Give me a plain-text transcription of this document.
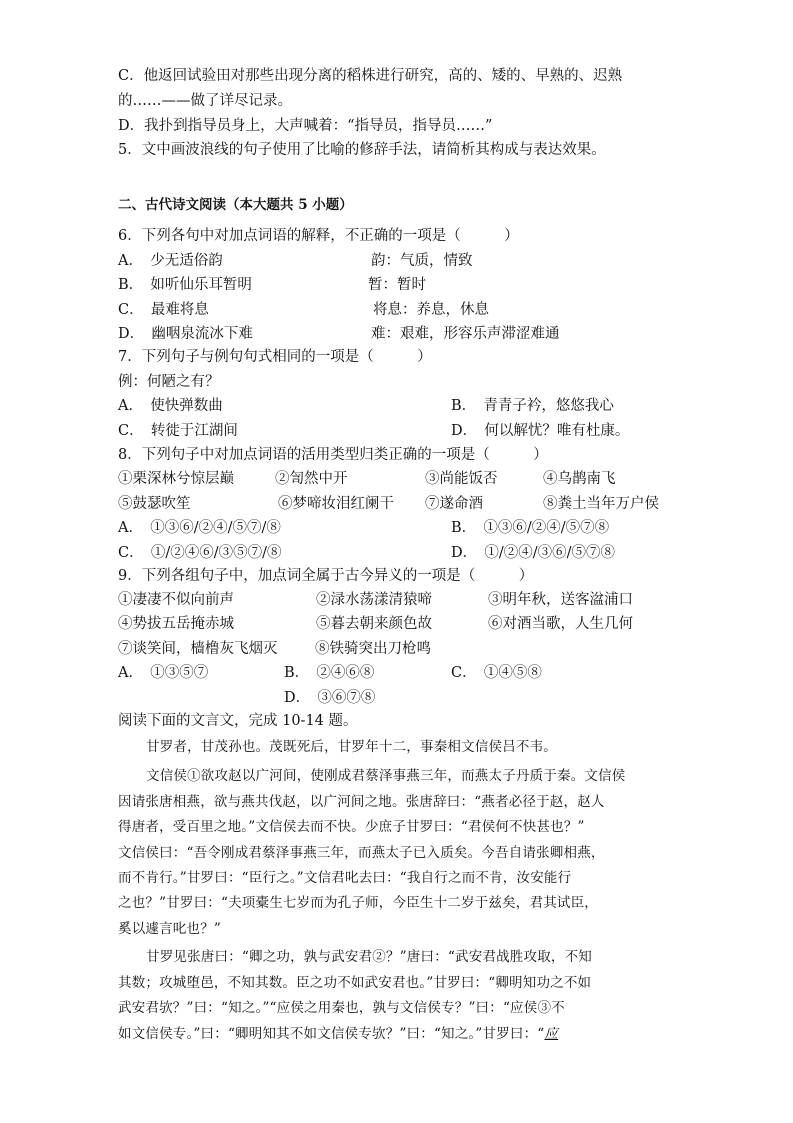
C．他返回试验田对那些出现分离的稻株进行研究，高的、矮的、早熟的、迟熟
的……——做了详尽记录。
D．我扑到指导员身上，大声喊着：“指导员，指导员……”
5．文中画波浪线的句子使用了比喻的修辞手法，请简析其构成与表达效果。
二、古代诗文阅读（本大题共 5 小题）
6．下列各句中对加点词语的解释，不正确的一项是（　　　）
A．　少无适俗韵	韵：气质，情致
B．　如听仙乐耳暂明	暂：暂时
C．　最难将息	将息：养息，休息
D．　幽咽泉流冰下难	难：艰难，形容乐声滞涩难通
7．下列句子与例句句式相同的一项是（　　　）
例：何陋之有？
A．　使快弹数曲	B．　青青子衿，悠悠我心
C．　转徙于江湖间	D．　何以解忧？唯有杜康。
8．下列句子中对加点词语的活用类型归类正确的一项是（　　　）
①栗深林兮惊层巅	②訇然中开	③尚能饭否	④乌鹊南飞
⑤鼓瑟吹笙	⑥梦啼妆泪红阑干 ⑦遂命酒	⑧粪土当年万户侯
A．　①③⑥/②④/⑤⑦/⑧	B．　①③⑥/②④/⑤⑦⑧
C．　①/②④⑥/③⑤⑦/⑧	D．　①/②④/③⑥/⑤⑦⑧
9．下列各组句子中，加点词全属于古今异义的一项是（　　　）
①凄凄不似向前声	②渌水荡漾清猿啼	③明年秋，送客湓浦口
④势拔五岳掩赤城	⑤暮去朝来颜色故	⑥对酒当歌，人生几何
⑦谈笑间，樯橹灰飞烟灭	⑧铁骑突出刀枪鸣
A．　①③⑤⑦	B．　②④⑥⑧	C．　①④⑤⑧
D．　③⑥⑦⑧
阅读下面的文言文，完成 10-14 题。
甘罗者，甘茂孙也。茂既死后，甘罗年十二，事秦相文信侯吕不韦。
文信侯①欲攻赵以广河间，使刚成君蔡泽事燕三年，而燕太子丹质于秦。文信侯
因请张唐相燕，欲与燕共伐赵，以广河间之地。张唐辞曰：“燕者必径于赵，赵人
得唐者，受百里之地。”文信侯去而不快。少庶子甘罗曰：“君侯何不快甚也？”
文信侯曰：“吾令刚成君蔡泽事燕三年，而燕太子已入质矣。今吾自请张卿相燕，
而不肯行。”甘罗曰：“臣行之。”文信君叱去曰：“我自行之而不肯，汝安能行
之也？”甘罗曰：“夫项橐生七岁而为孔子师，今臣生十二岁于兹矣，君其试臣，
奚以遽言叱也？”
甘罗见张唐曰：“卿之功，孰与武安君②？”唐曰：“武安君战胜攻取，不知
其数；攻城堕邑，不知其数。臣之功不如武安君也。”甘罗曰：“卿明知功之不如
武安君欤？”曰：“知之。”“应侯之用秦也，孰与文信侯专？”曰：“应侯③不
如文信侯专。”曰：“卿明知其不如文信侯专欤？”曰：“知之。”甘罗曰：“应
